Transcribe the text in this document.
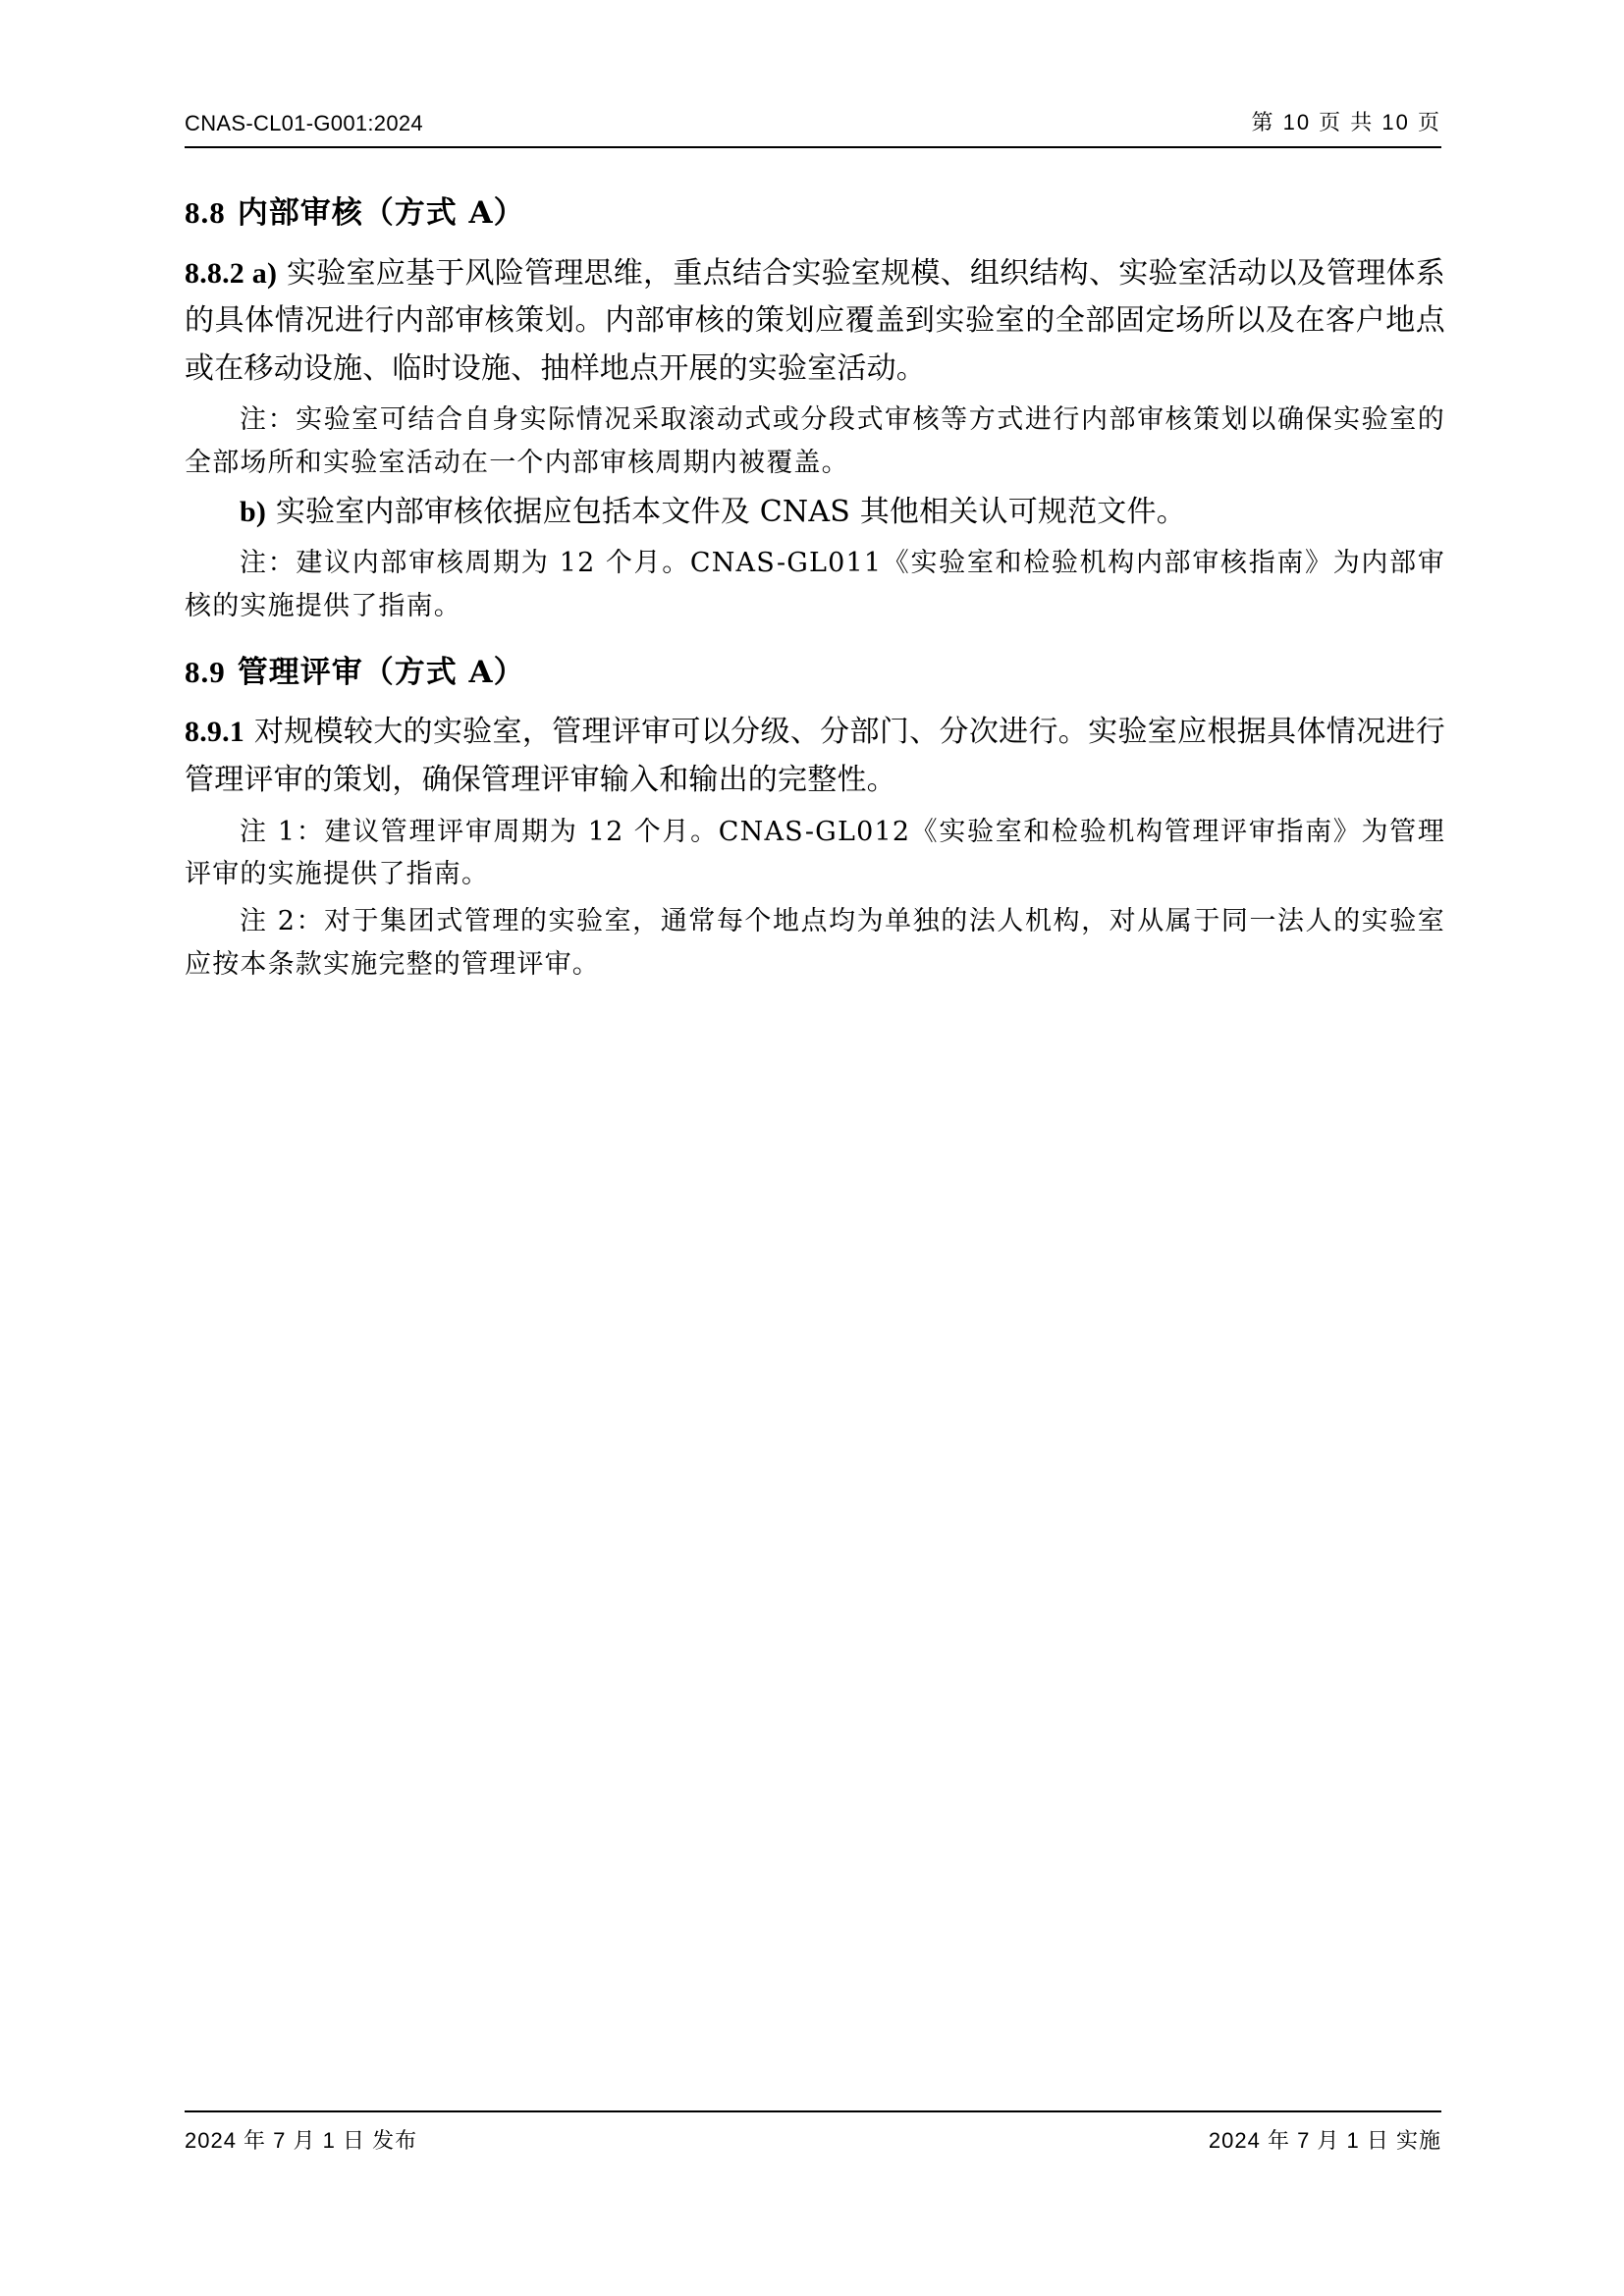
CNAS-CL01-G001:2024	第 10 页 共 10 页
8.8 内部审核（方式 A）

8.8.2 a) 实验室应基于风险管理思维，重点结合实验室规模、组织结构、实验室活动以及管理体系的具体情况进行内部审核策划。内部审核的策划应覆盖到实验室的全部固定场所以及在客户地点或在移动设施、临时设施、抽样地点开展的实验室活动。

注：实验室可结合自身实际情况采取滚动式或分段式审核等方式进行内部审核策划以确保实验室的全部场所和实验室活动在一个内部审核周期内被覆盖。

b) 实验室内部审核依据应包括本文件及 CNAS 其他相关认可规范文件。

注：建议内部审核周期为 12 个月。CNAS-GL011《实验室和检验机构内部审核指南》为内部审核的实施提供了指南。

8.9 管理评审（方式 A）

8.9.1 对规模较大的实验室，管理评审可以分级、分部门、分次进行。实验室应根据具体情况进行管理评审的策划，确保管理评审输入和输出的完整性。

注 1：建议管理评审周期为 12 个月。CNAS-GL012《实验室和检验机构管理评审指南》为管理评审的实施提供了指南。

注 2：对于集团式管理的实验室，通常每个地点均为单独的法人机构，对从属于同一法人的实验室应按本条款实施完整的管理评审。

2024 年 7 月 1 日 发布	2024 年 7 月 1 日 实施
